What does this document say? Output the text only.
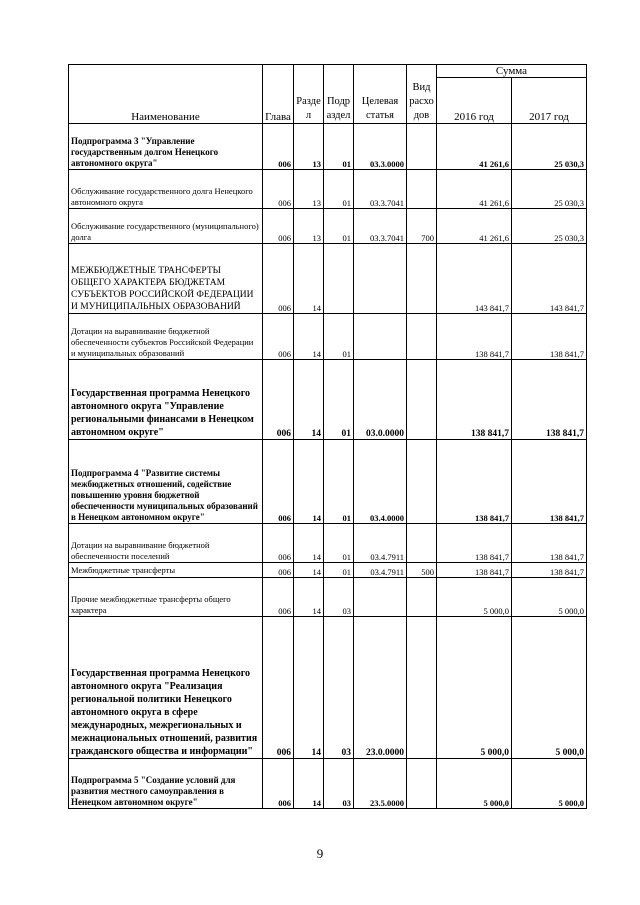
Наименование	Глава	Разде л	Подр аздел	Целевая статья	Вид расхо дов	Сумма	
						2016 год	2017 год
Подпрограмма 3 "Управление государственным долгом Ненецкого автономного округа"	006	13	01	03.3.0000		41 261,6	25 030,3
Обслуживание государственного долга Ненецкого автономного округа	006	13	01	03.3.7041		41 261,6	25 030,3
Обслуживание государственного (муниципального) долга	006	13	01	03.3.7041	700	41 261,6	25 030,3
МЕЖБЮДЖЕТНЫЕ ТРАНСФЕРТЫ ОБЩЕГО ХАРАКТЕРА БЮДЖЕТАМ СУБЪЕКТОВ РОССИЙСКОЙ ФЕДЕРАЦИИ И МУНИЦИПАЛЬНЫХ ОБРАЗОВАНИЙ	006	14				143 841,7	143 841,7
Дотации на выравнивание бюджетной обеспеченности субъектов Российской Федерации и муниципальных образований	006	14	01			138 841,7	138 841,7
Государственная программа Ненецкого автономного округа "Управление региональными финансами в Ненецком автономном округе"	006	14	01	03.0.0000		138 841,7	138 841,7
Подпрограмма 4 "Развитие системы межбюджетных отношений, содействие повышению уровня бюджетной обеспеченности муниципальных образований в Ненецком автономном округе"	006	14	01	03.4.0000		138 841,7	138 841,7
Дотации на выравнивание бюджетной обеспеченности поселений	006	14	01	03.4.7911		138 841,7	138 841,7
Межбюджетные трансферты	006	14	01	03.4.7911	500	138 841,7	138 841,7
Прочие межбюджетные трансферты общего характера	006	14	03			5 000,0	5 000,0
Государственная программа Ненецкого автономного округа "Реализация региональной политики Ненецкого автономного округа в сфере международных, межрегиональных и межнациональных отношений, развития гражданского общества и информации"	006	14	03	23.0.0000		5 000,0	5 000,0
Подпрограмма 5 "Создание условий для развития местного самоуправления в Ненецком автономном округе"	006	14	03	23.5.0000		5 000,0	5 000,0
9
